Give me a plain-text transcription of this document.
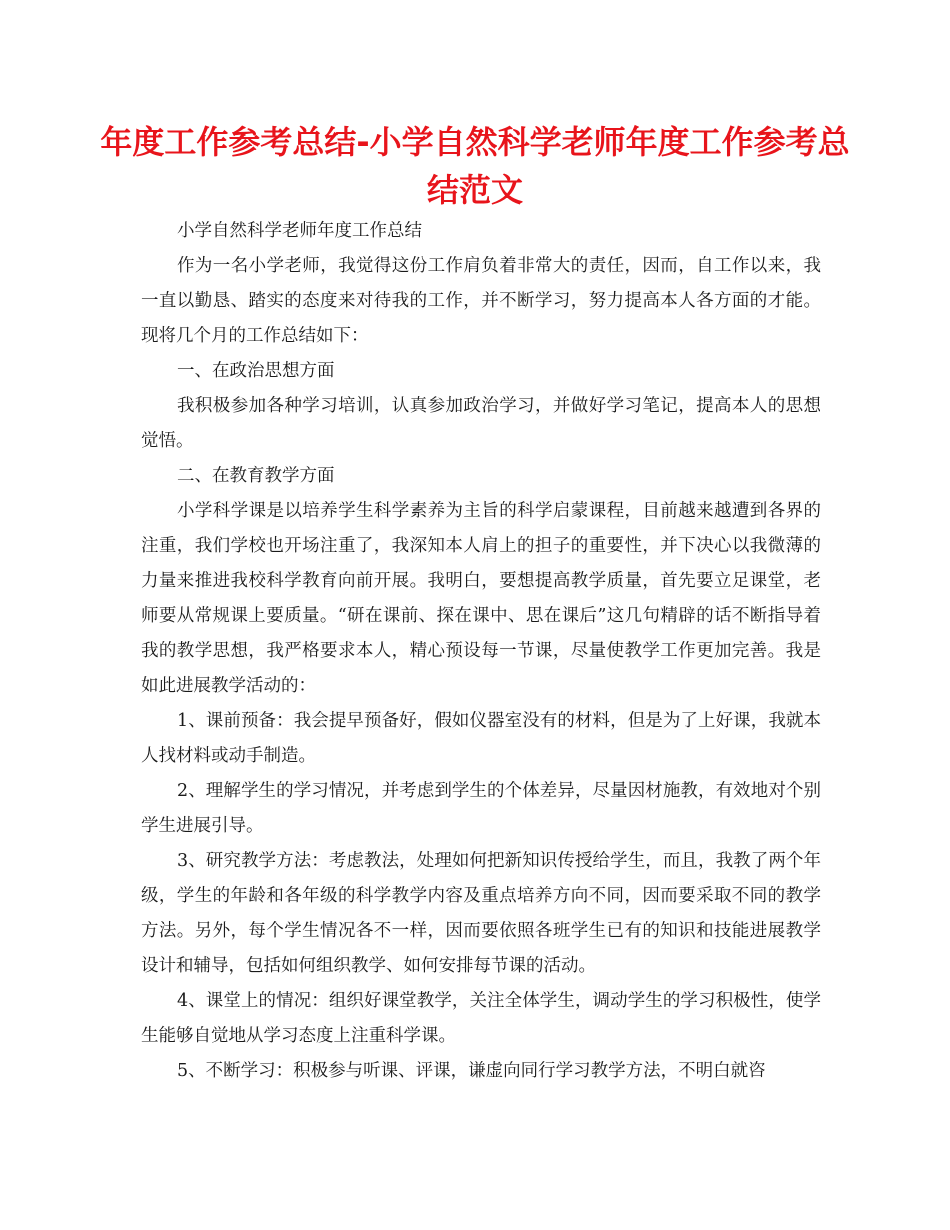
年度工作参考总结-小学自然科学老师年度工作参考总结范文

小学自然科学老师年度工作总结

作为一名小学老师，我觉得这份工作肩负着非常大的责任，因而，自工作以来，我一直以勤恳、踏实的态度来对待我的工作，并不断学习，努力提高本人各方面的才能。现将几个月的工作总结如下：

一、在政治思想方面

我积极参加各种学习培训，认真参加政治学习，并做好学习笔记，提高本人的思想觉悟。

二、在教育教学方面

小学科学课是以培养学生科学素养为主旨的科学启蒙课程，目前越来越遭到各界的注重，我们学校也开场注重了，我深知本人肩上的担子的重要性，并下决心以我微薄的力量来推进我校科学教育向前开展。我明白，要想提高教学质量，首先要立足课堂，老师要从常规课上要质量。“研在课前、探在课中、思在课后”这几句精辟的话不断指导着我的教学思想，我严格要求本人，精心预设每一节课，尽量使教学工作更加完善。我是如此进展教学活动的：

1、课前预备：我会提早预备好，假如仪器室没有的材料，但是为了上好课，我就本人找材料或动手制造。

2、理解学生的学习情况，并考虑到学生的个体差异，尽量因材施教，有效地对个别学生进展引导。

3、研究教学方法：考虑教法，处理如何把新知识传授给学生，而且，我教了两个年级，学生的年龄和各年级的科学教学内容及重点培养方向不同，因而要采取不同的教学方法。另外，每个学生情况各不一样，因而要依照各班学生已有的知识和技能进展教学设计和辅导，包括如何组织教学、如何安排每节课的活动。

4、课堂上的情况：组织好课堂教学，关注全体学生，调动学生的学习积极性，使学生能够自觉地从学习态度上注重科学课。

5、不断学习：积极参与听课、评课，谦虚向同行学习教学方法，不明白就咨
